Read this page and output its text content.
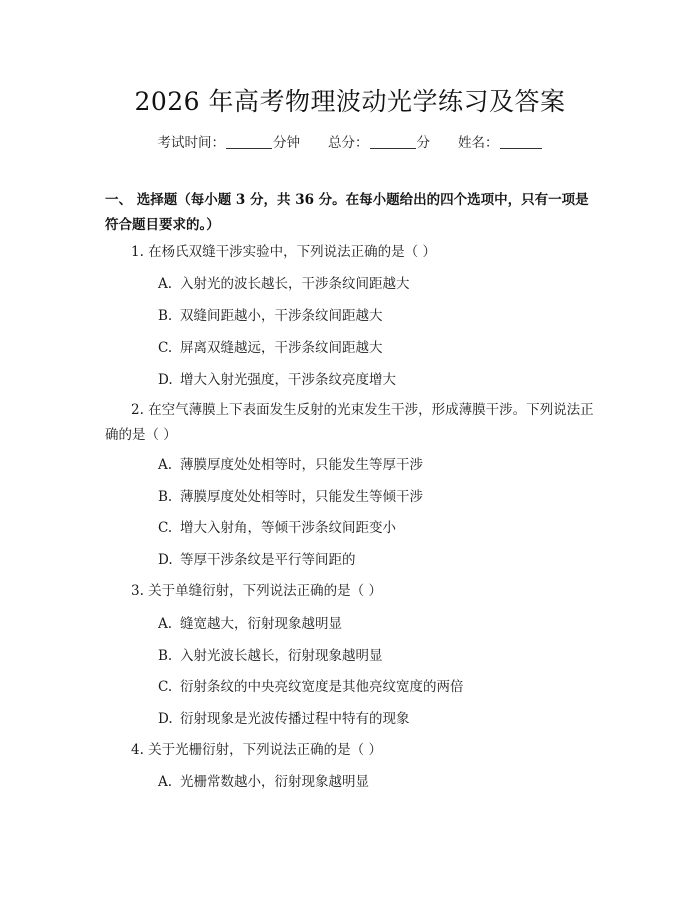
2026 年高考物理波动光学练习及答案
考试时间：	分钟 总分：	分 姓名：
一、 选择题（每小题 3 分，共 36 分。在每小题给出的四个选项中，只有一项是符合题目要求的。）
1. 在杨氏双缝干涉实验中，下列说法正确的是（ ）
A. 入射光的波长越长，干涉条纹间距越大
B. 双缝间距越小，干涉条纹间距越大
C. 屏离双缝越远，干涉条纹间距越大
D. 增大入射光强度，干涉条纹亮度增大
2. 在空气薄膜上下表面发生反射的光束发生干涉，形成薄膜干涉。下列说法正确的是（ ）
A. 薄膜厚度处处相等时，只能发生等厚干涉
B. 薄膜厚度处处相等时，只能发生等倾干涉
C. 增大入射角，等倾干涉条纹间距变小
D. 等厚干涉条纹是平行等间距的
3. 关于单缝衍射，下列说法正确的是（ ）
A. 缝宽越大，衍射现象越明显
B. 入射光波长越长，衍射现象越明显
C. 衍射条纹的中央亮纹宽度是其他亮纹宽度的两倍
D. 衍射现象是光波传播过程中特有的现象
4. 关于光栅衍射，下列说法正确的是（ ）
A. 光栅常数越小，衍射现象越明显
